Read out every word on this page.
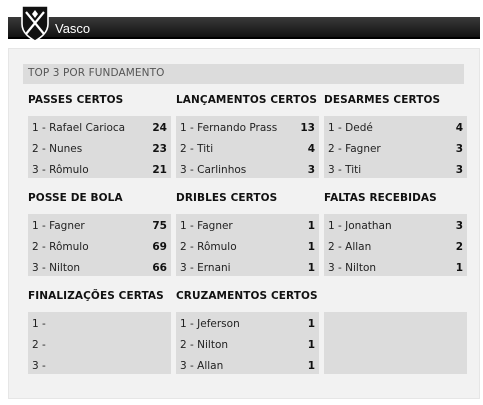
Vasco
TOP 3 POR FUNDAMENTO
PASSES CERTOS
1 - Rafael Carioca	24
2 - Nunes	23
3 - Rômulo	21
LANÇAMENTOS CERTOS
1 - Fernando Prass 13
2 - Titi	4
3 - Carlinhos	3
DESARMES CERTOS
1 - Dedé	4
2 - Fagner	3
3 - Titi	3
POSSE DE BOLA
1 - Fagner	75
2 - Rômulo	69
3 - Nilton	66
DRIBLES CERTOS
1 - Fagner	1
2 - Rômulo	1
3 - Ernani	1
FALTAS RECEBIDAS
1 - Jonathan	3
2 - Allan	2
3 - Nilton	1
FINALIZAÇÕES CERTAS
1 -
2 -
3 -
CRUZAMENTOS CERTOS
1 - Jeferson	1
2 - Nilton	1
3 - Allan	1
